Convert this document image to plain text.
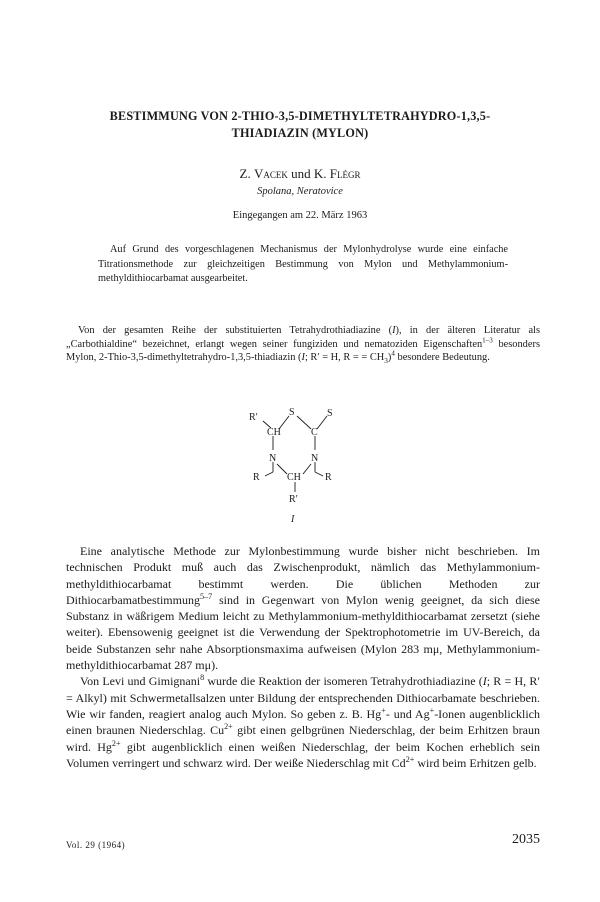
BESTIMMUNG VON 2-THIO-3,5-DIMETHYLTETRAHYDRO-1,3,5-
THIADIAZIN (MYLON)
Z. Vacek und K. Flégr
Spolana, Neratovice
Eingegangen am 22. März 1963

Auf Grund des vorgeschlagenen Mechanismus der Mylonhydrolyse wurde eine einfache Titrationsmethode zur gleichzeitigen Bestimmung von Mylon und Methylammonium-methyldithiocarbamat ausgearbeitet.

Von der gesamten Reihe der substituierten Tetrahydrothiadiazine (I), in der älteren Literatur als „Carbothialdine“ bezeichnet, erlangt wegen seiner fungiziden und nematoziden Eigenschaften$^{1-3}$ besonders Mylon, 2-Thio-3,5-dimethyltetrahydro-1,3,5-thiadiazin (I; R′ = H, R = = $CH_3)^4$ besondere Bedeutung.

R′	S	S
CH	C
N	N
R	CH R
R′
I

Eine analytische Methode zur Mylonbestimmung wurde bisher nicht beschrieben. Im technischen Produkt muß auch das Zwischenprodukt, nämlich das Methylammonium-methyldithiocarbamat bestimmt werden. Die üblichen Methoden zur Dithiocarbamatbestimmung$^{5-7}$ sind in Gegenwart von Mylon wenig geeignet, da sich diese Substanz in wäßrigem Medium leicht zu Methylammonium-methyldithiocarbamat zersetzt (siehe weiter). Ebensowenig geeignet ist die Verwendung der Spektrophotometrie im UV-Bereich, da beide Substanzen sehr nahe Absorptionsmaxima aufweisen (Mylon 283 mμ, Methylammonium-methyldithiocarbamat 287 mμ).

Von Levi und Gimignani$^8$ wurde die Reaktion der isomeren Tetrahydrothiadiazine (I; R = H, R′ = Alkyl) mit Schwermetallsalzen unter Bildung der entsprechenden Dithiocarbamate beschrieben. Wie wir fanden, reagiert analog auch Mylon. So geben z. B. Hg+- und Ag+-Ionen augenblicklich einen braunen Niederschlag. $Cu^{2+}$ gibt einen gelbgrünen Niederschlag, der beim Erhitzen braun wird. $Hg^{2+}$ gibt augenblicklich einen weißen Niederschlag, der beim Kochen erheblich sein Volumen verringert und schwarz wird. Der weiße Niederschlag mit $Cd^{2+}$ wird beim Erhitzen gelb.

Vol. 29 (1964)	2035
